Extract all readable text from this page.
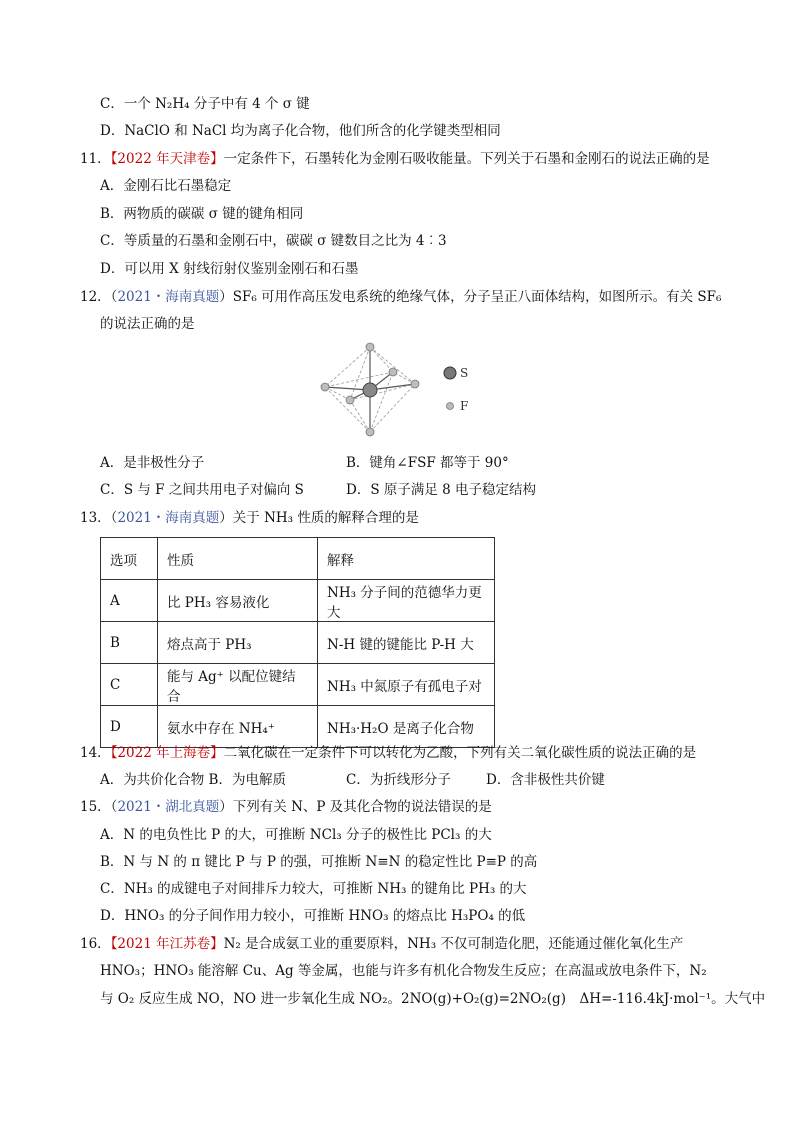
C．一个 N₂H₄ 分子中有 4 个 σ 键
D．NaClO 和 NaCl 均为离子化合物，他们所含的化学键类型相同
11．【2022 年天津卷】一定条件下，石墨转化为金刚石吸收能量。下列关于石墨和金刚石的说法正确的是
A．金刚石比石墨稳定
B．两物质的碳碳 σ 键的键角相同
C．等质量的石墨和金刚石中，碳碳 σ 键数目之比为 4︰3
D．可以用 X 射线衍射仪鉴别金刚石和石墨
12．（2021・海南真题）SF₆ 可用作高压发电系统的绝缘气体，分子呈正八面体结构，如图所示。有关 SF₆
的说法正确的是
S
F
A．是非极性分子	B．键角∠FSF 都等于 90°
C．S 与 F 之间共用电子对偏向 S	D．S 原子满足 8 电子稳定结构
13．（2021・海南真题）关于 NH₃ 性质的解释合理的是
选项	性质	解释
A	比 PH₃ 容易液化	NH₃ 分子间的范德华力更大
B	熔点高于 PH₃	N-H 键的键能比 P-H 大
C	能与 Ag⁺ 以配位键结合	NH₃ 中氮原子有孤电子对
D	氨水中存在 NH₄⁺	NH₃·H₂O 是离子化合物
14．【2022 年上海卷】二氧化碳在一定条件下可以转化为乙酸，下列有关二氧化碳性质的说法正确的是
A．为共价化合物 B．为电解质	C．为折线形分子	D．含非极性共价键
15．（2021・湖北真题）下列有关 N、P 及其化合物的说法错误的是
A．N 的电负性比 P 的大，可推断 NCl₃ 分子的极性比 PCl₃ 的大
B．N 与 N 的 π 键比 P 与 P 的强，可推断 N≡N 的稳定性比 P≡P 的高
C．NH₃ 的成键电子对间排斥力较大，可推断 NH₃ 的键角比 PH₃ 的大
D．HNO₃ 的分子间作用力较小，可推断 HNO₃ 的熔点比 H₃PO₄ 的低
16．【2021 年江苏卷】N₂ 是合成氨工业的重要原料，NH₃ 不仅可制造化肥，还能通过催化氧化生产
HNO₃；HNO₃ 能溶解 Cu、Ag 等金属，也能与许多有机化合物发生反应；在高温或放电条件下，N₂
与 O₂ 反应生成 NO，NO 进一步氧化生成 NO₂。2NO(g)+O₂(g)=2NO₂(g)　ΔH=-116.4kJ·mol⁻¹。大气中
